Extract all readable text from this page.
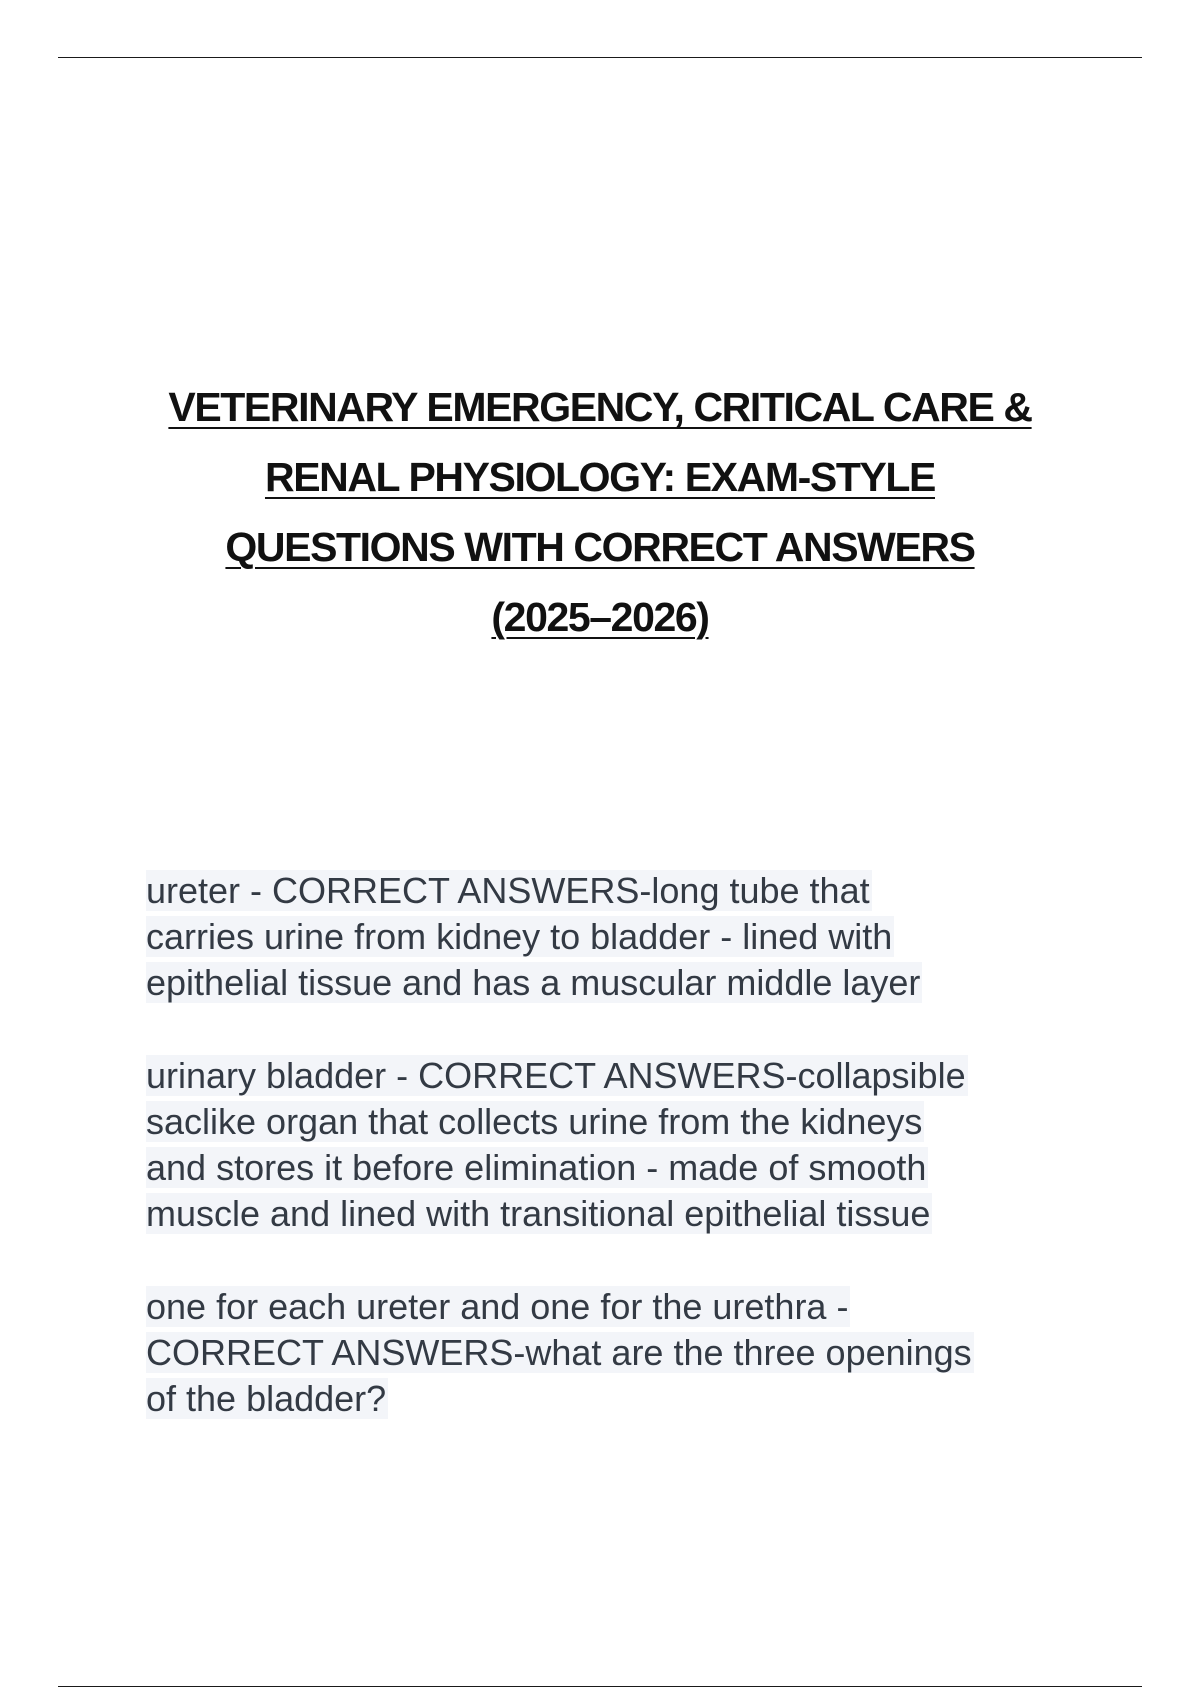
VETERINARY EMERGENCY, CRITICAL CARE &
RENAL PHYSIOLOGY: EXAM-STYLE
QUESTIONS WITH CORRECT ANSWERS
(2025–2026)
ureter - CORRECT ANSWERS-long tube that
carries urine from kidney to bladder - lined with
epithelial tissue and has a muscular middle layer
urinary bladder - CORRECT ANSWERS-collapsible
saclike organ that collects urine from the kidneys
and stores it before elimination - made of smooth
muscle and lined with transitional epithelial tissue
one for each ureter and one for the urethra -
CORRECT ANSWERS-what are the three openings
of the bladder?
